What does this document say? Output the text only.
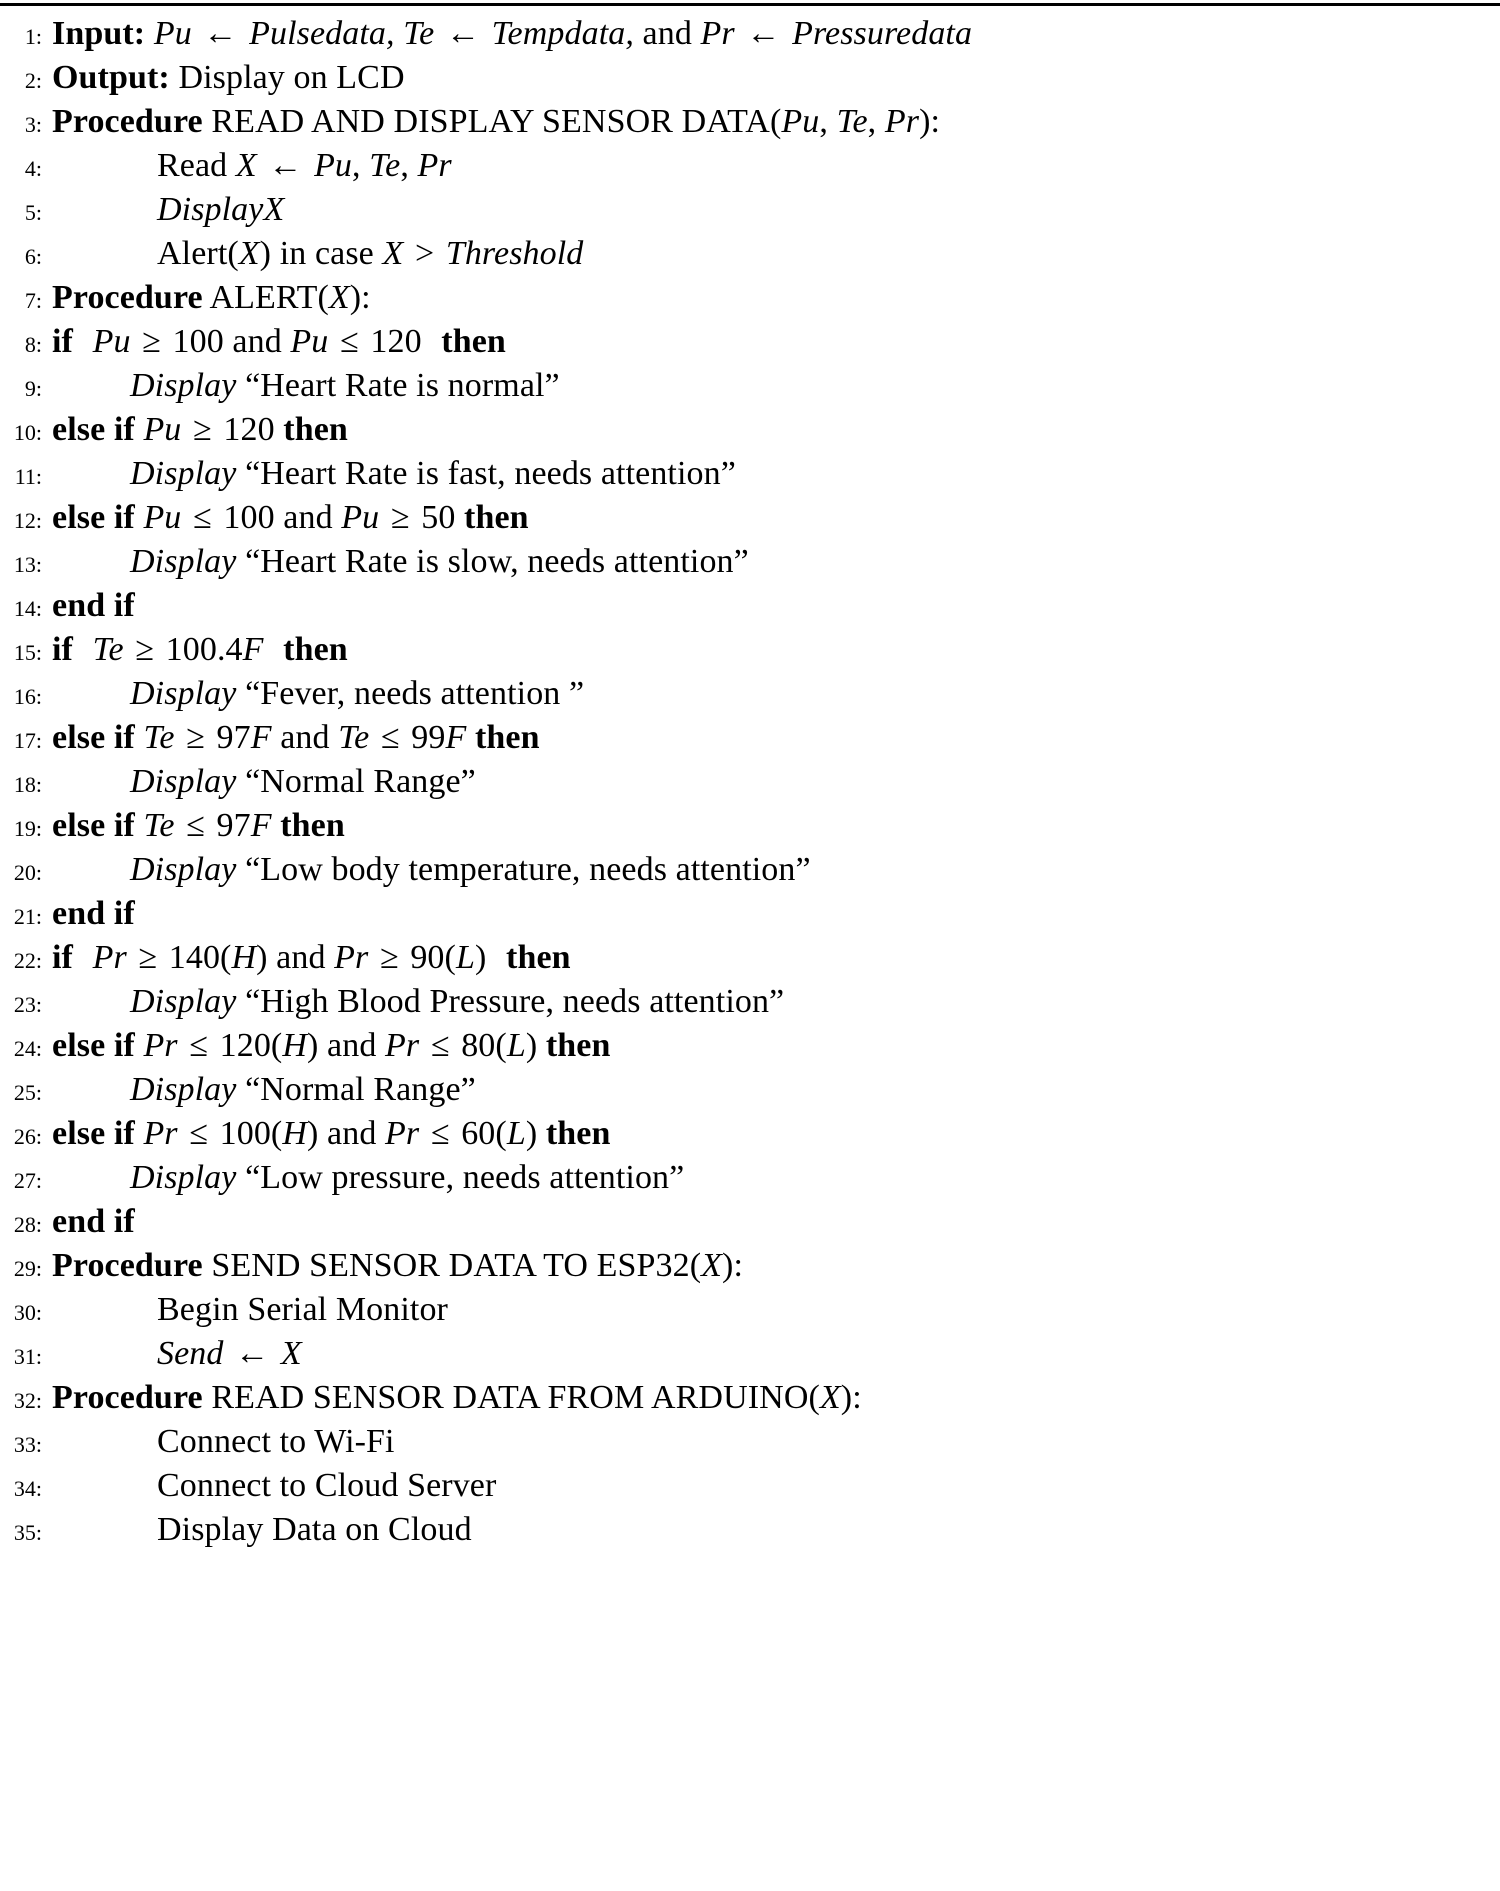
1: Input: Pu ← Pulsedata, Te ← Tempdata, and Pr ← Pressuredata
2: Output: Display on LCD
3: Procedure READ AND DISPLAY SENSOR DATA(Pu, Te, Pr):
4:	Read X ← Pu, Te, Pr
5:	DisplayX
6:	Alert(X) in case X > Threshold
7: Procedure ALERT(X):
8: if Pu ≥ 100 and Pu ≤ 120 then
9:	Display “Heart Rate is normal”
10: else if Pu ≥ 120 then
11:	Display “Heart Rate is fast, needs attention”
12: else if Pu ≤ 100 and Pu ≥ 50 then
13:	Display “Heart Rate is slow, needs attention”
14: end if
15: if Te ≥ 100.4F then
16:	Display “Fever, needs attention ”
17: else if Te ≥ 97F and Te ≤ 99F then
18:	Display “Normal Range”
19: else if Te ≤ 97F then
20:	Display “Low body temperature, needs attention”
21: end if
22: if Pr ≥ 140(H) and Pr ≥ 90(L) then
23:	Display “High Blood Pressure, needs attention”
24: else if Pr ≤ 120(H) and Pr ≤ 80(L) then
25:	Display “Normal Range”
26: else if Pr ≤ 100(H) and Pr ≤ 60(L) then
27:	Display “Low pressure, needs attention”
28: end if
29: Procedure SEND SENSOR DATA TO ESP32(X):
30:	Begin Serial Monitor
31:	Send ← X
32: Procedure READ SENSOR DATA FROM ARDUINO(X):
33:	Connect to Wi-Fi
34:	Connect to Cloud Server
35:	Display Data on Cloud
